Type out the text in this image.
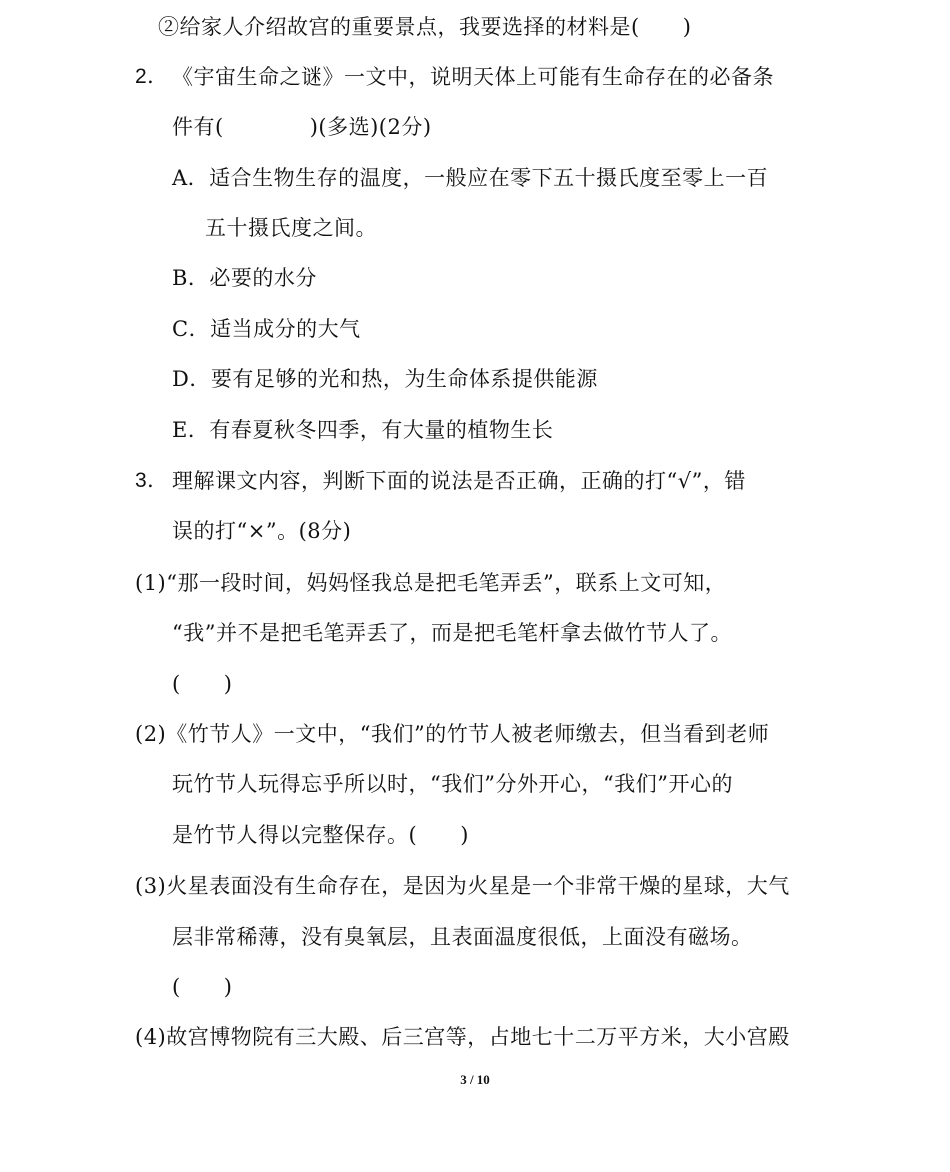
②给家人介绍故宫的重要景点，我要选择的材料是(　　)
2． 《宇宙生命之谜》一文中，说明天体上可能有生命存在的必备条
件有(　　　　)(多选)(2分)
A．适合生物生存的温度，一般应在零下五十摄氏度至零上一百
五十摄氏度之间。
B．必要的水分
C．适当成分的大气
D．要有足够的光和热，为生命体系提供能源
E．有春夏秋冬四季，有大量的植物生长
3． 理解课文内容，判断下面的说法是否正确，正确的打“√”，错
误的打“×”。(8分)
(1)“那一段时间，妈妈怪我总是把毛笔弄丢”，联系上文可知，
“我”并不是把毛笔弄丢了，而是把毛笔杆拿去做竹节人了。
(　　)
(2)《竹节人》一文中，“我们”的竹节人被老师缴去，但当看到老师
玩竹节人玩得忘乎所以时，“我们”分外开心，“我们”开心的
是竹节人得以完整保存。(　　)
(3)火星表面没有生命存在，是因为火星是一个非常干燥的星球，大气
层非常稀薄，没有臭氧层，且表面温度很低，上面没有磁场。
(　　)
(4)故宫博物院有三大殿、后三宫等，占地七十二万平方米，大小宫殿
3 / 10
